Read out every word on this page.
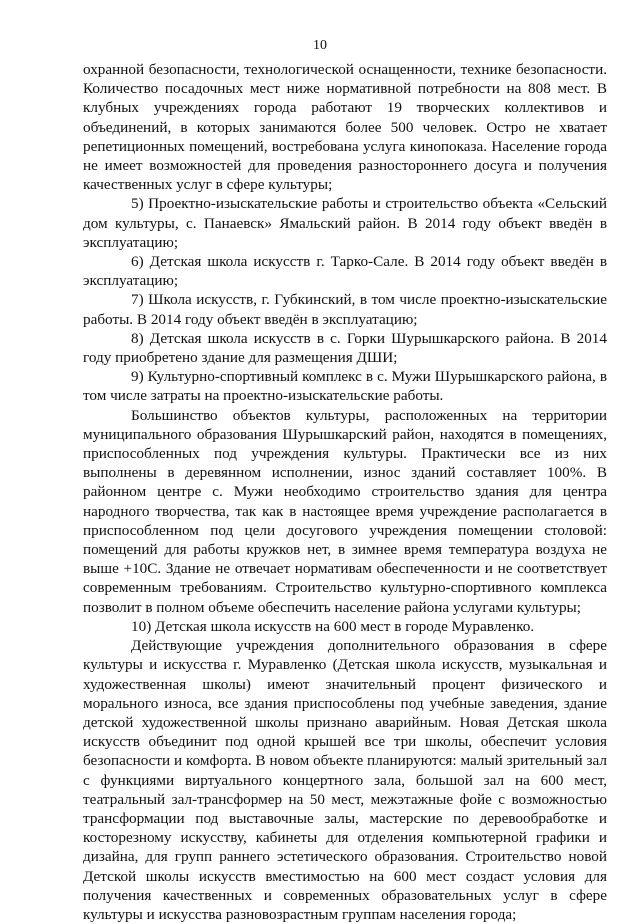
10

охранной безопасности, технологической оснащенности, технике безопасности. Количество посадочных мест ниже нормативной потребности на 808 мест. В клубных учреждениях города работают 19 творческих коллективов и объединений, в которых занимаются более 500 человек. Остро не хватает репетиционных помещений, востребована услуга кинопоказа. Население города не имеет возможностей для проведения разностороннего досуга и получения качественных услуг в сфере культуры;

5) Проектно-изыскательские работы и строительство объекта «Сельский дом культуры, с. Панаевск» Ямальский район. В 2014 году объект введён в эксплуатацию;

6) Детская школа искусств г. Тарко-Сале. В 2014 году объект введён в эксплуатацию;

7) Школа искусств, г. Губкинский, в том числе проектно-изыскательские работы. В 2014 году объект введён в эксплуатацию;

8) Детская школа искусств в с. Горки Шурышкарского района. В 2014 году приобретено здание для размещения ДШИ;

9) Культурно-спортивный комплекс в с. Мужи Шурышкарского района, в том числе затраты на проектно-изыскательские работы.

Большинство объектов культуры, расположенных на территории муниципального образования Шурышкарский район, находятся в помещениях, приспособленных под учреждения культуры. Практически все из них выполнены в деревянном исполнении, износ зданий составляет 100%. В районном центре с. Мужи необходимо строительство здания для центра народного творчества, так как в настоящее время учреждение располагается в приспособленном под цели досугового учреждения помещении столовой: помещений для работы кружков нет, в зимнее время температура воздуха не выше +10С. Здание не отвечает нормативам обеспеченности и не соответствует современным требованиям. Строительство культурно-спортивного комплекса позволит в полном объеме обеспечить население района услугами культуры;

10) Детская школа искусств на 600 мест в городе Муравленко.

Действующие учреждения дополнительного образования в сфере культуры и искусства г. Муравленко (Детская школа искусств, музыкальная и художественная школы) имеют значительный процент физического и морального износа, все здания приспособлены под учебные заведения, здание детской художественной школы признано аварийным. Новая Детская школа искусств объединит под одной крышей все три школы, обеспечит условия безопасности и комфорта. В новом объекте планируются: малый зрительный зал с функциями виртуального концертного зала, большой зал на 600 мест, театральный зал-трансформер на 50 мест, межэтажные фойе с возможностью трансформации под выставочные залы, мастерские по деревообработке и косторезному искусству, кабинеты для отделения компьютерной графики и дизайна, для групп раннего эстетического образования. Строительство новой Детской школы искусств вместимостью на 600 мест создаст условия для получения качественных и современных образовательных услуг в сфере культуры и искусства разновозрастным группам населения города;
